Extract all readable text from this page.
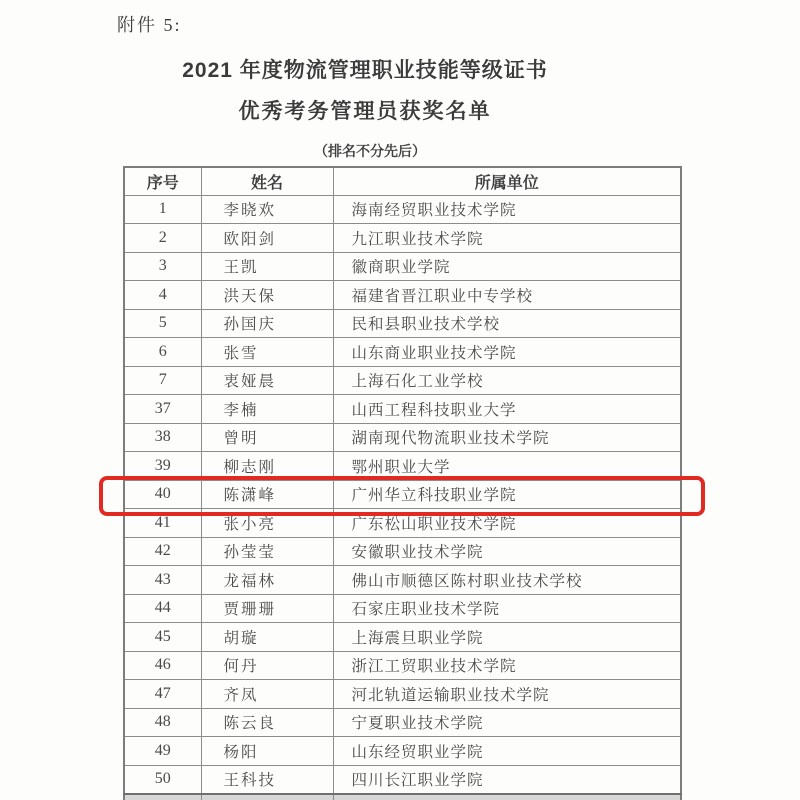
附件 5:
2021 年度物流管理职业技能等级证书
优秀考务管理员获奖名单
（排名不分先后）
序号	姓名	所属单位
1	李晓欢	海南经贸职业技术学院
2	欧阳剑	九江职业技术学院
3	王凯	徽商职业学院
4	洪天保	福建省晋江职业中专学校
5	孙国庆	民和县职业技术学校
6	张雪	山东商业职业技术学院
7	衷娅晨	上海石化工业学校
37	李楠	山西工程科技职业大学
38	曾明	湖南现代物流职业技术学院
39	柳志刚	鄂州职业大学
40	陈潇峰	广州华立科技职业学院
41	张小亮	广东松山职业技术学院
42	孙莹莹	安徽职业技术学院
43	龙福林	佛山市顺德区陈村职业技术学校
44	贾珊珊	石家庄职业技术学院
45	胡璇	上海震旦职业学院
46	何丹	浙江工贸职业技术学院
47	齐凤	河北轨道运输职业技术学院
48	陈云良	宁夏职业技术学院
49	杨阳	山东经贸职业学院
50	王科技	四川长江职业学院
